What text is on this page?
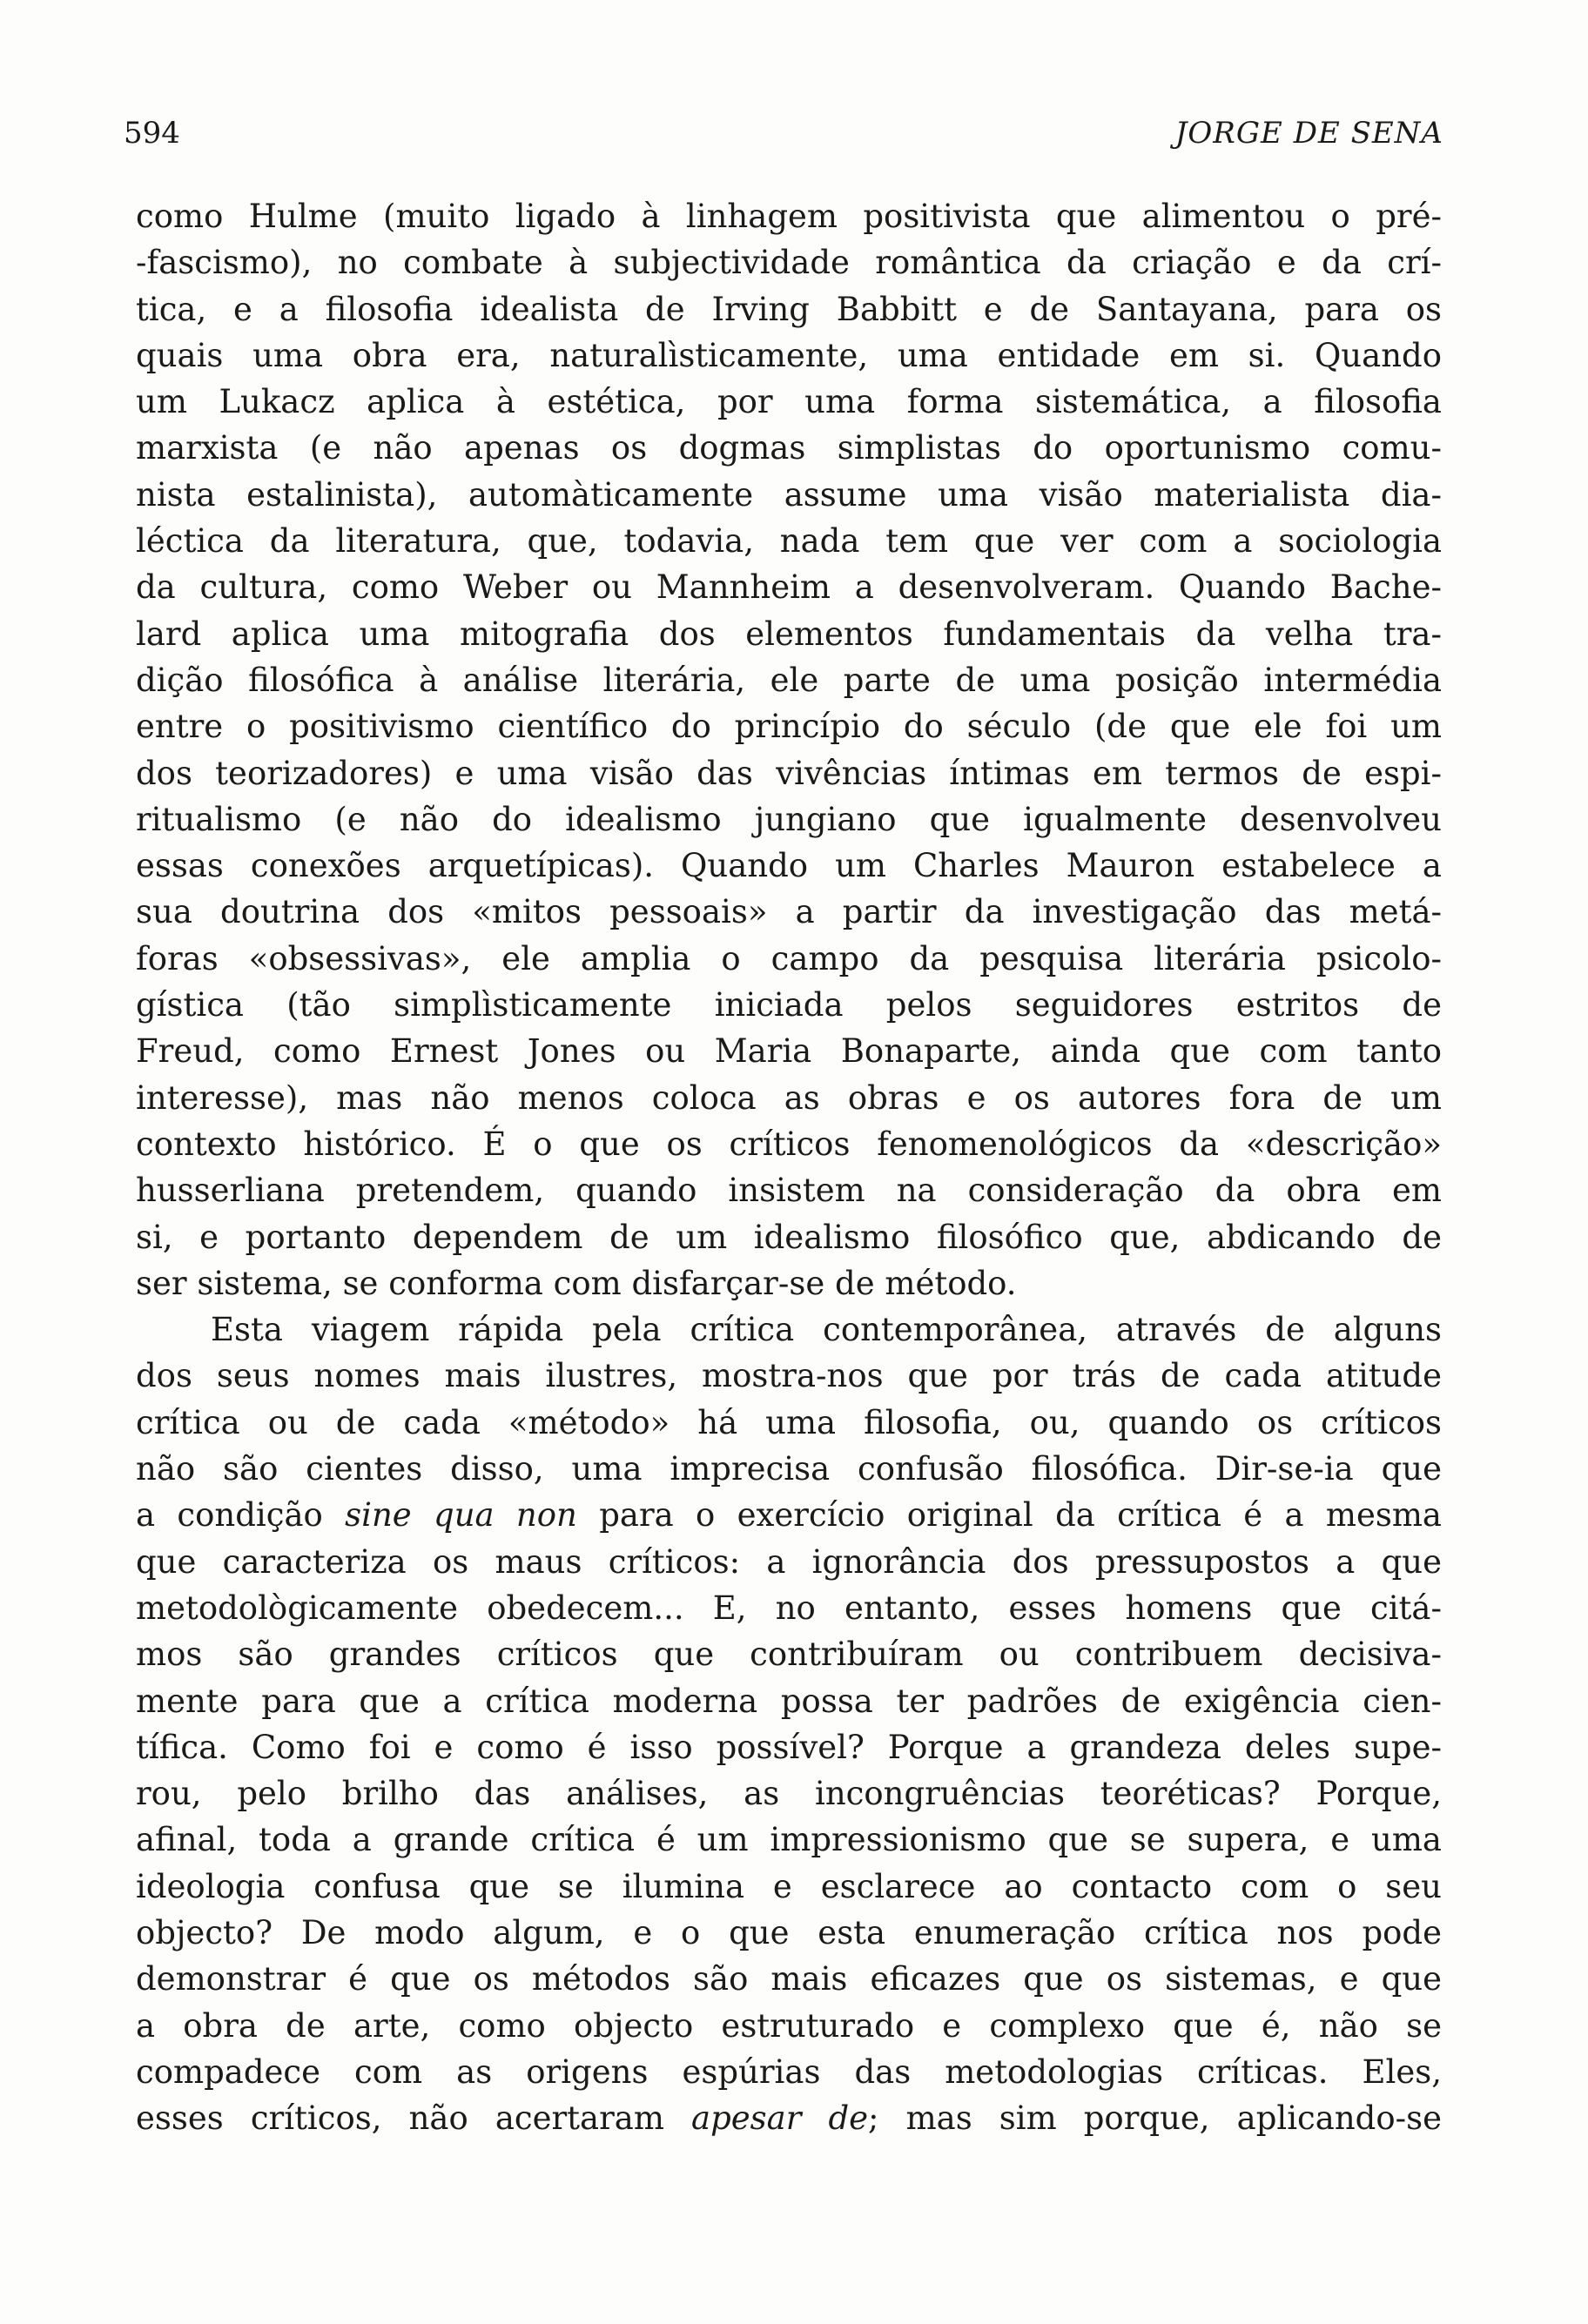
594	JORGE DE SENA
como Hulme (muito ligado à linhagem positivista que alimentou o pré-
-fascismo), no combate à subjectividade romântica da criação e da crí-
tica, e a filosofia idealista de Irving Babbitt e de Santayana, para os
quais uma obra era, naturalìsticamente, uma entidade em si. Quando
um Lukacz aplica à estética, por uma forma sistemática, a filosofia
marxista (e não apenas os dogmas simplistas do oportunismo comu-
nista estalinista), automàticamente assume uma visão materialista dia-
léctica da literatura, que, todavia, nada tem que ver com a sociologia
da cultura, como Weber ou Mannheim a desenvolveram. Quando Bache-
lard aplica uma mitografia dos elementos fundamentais da velha tra-
dição filosófica à análise literária, ele parte de uma posição intermédia
entre o positivismo científico do princípio do século (de que ele foi um
dos teorizadores) e uma visão das vivências íntimas em termos de espi-
ritualismo (e não do idealismo jungiano que igualmente desenvolveu
essas conexões arquetípicas). Quando um Charles Mauron estabelece a
sua doutrina dos «mitos pessoais» a partir da investigação das metá-
foras «obsessivas», ele amplia o campo da pesquisa literária psicolo-
gística (tão simplìsticamente iniciada pelos seguidores estritos de
Freud, como Ernest Jones ou Maria Bonaparte, ainda que com tanto
interesse), mas não menos coloca as obras e os autores fora de um
contexto histórico. É o que os críticos fenomenológicos da «descrição»
husserliana pretendem, quando insistem na consideração da obra em
si, e portanto dependem de um idealismo filosófico que, abdicando de
ser sistema, se conforma com disfarçar-se de método.
Esta viagem rápida pela crítica contemporânea, através de alguns
dos seus nomes mais ilustres, mostra-nos que por trás de cada atitude
crítica ou de cada «método» há uma filosofia, ou, quando os críticos
não são cientes disso, uma imprecisa confusão filosófica. Dir-se-ia que
a condição sine qua non para o exercício original da crítica é a mesma
que caracteriza os maus críticos: a ignorância dos pressupostos a que
metodològicamente obedecem... E, no entanto, esses homens que citá-
mos são grandes críticos que contribuíram ou contribuem decisiva-
mente para que a crítica moderna possa ter padrões de exigência cien-
tífica. Como foi e como é isso possível? Porque a grandeza deles supe-
rou, pelo brilho das análises, as incongruências teoréticas? Porque,
afinal, toda a grande crítica é um impressionismo que se supera, e uma
ideologia confusa que se ilumina e esclarece ao contacto com o seu
objecto? De modo algum, e o que esta enumeração crítica nos pode
demonstrar é que os métodos são mais eficazes que os sistemas, e que
a obra de arte, como objecto estruturado e complexo que é, não se
compadece com as origens espúrias das metodologias críticas. Eles,
esses críticos, não acertaram apesar de; mas sim porque, aplicando-se
